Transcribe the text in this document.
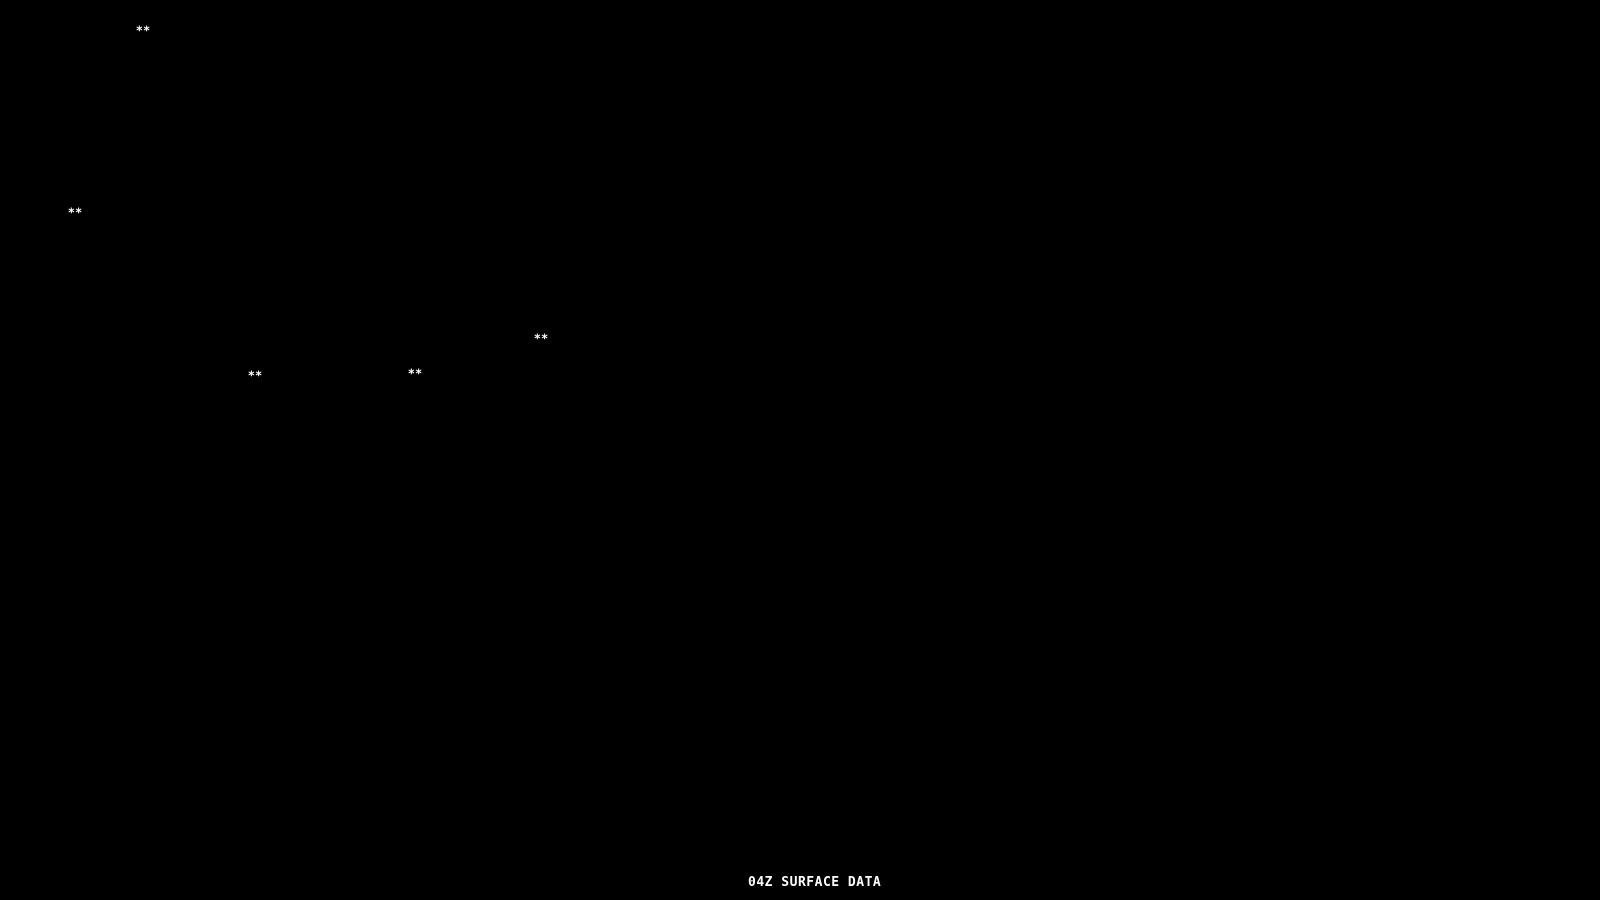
**
**
**	**
**
04Z SURFACE DATA
